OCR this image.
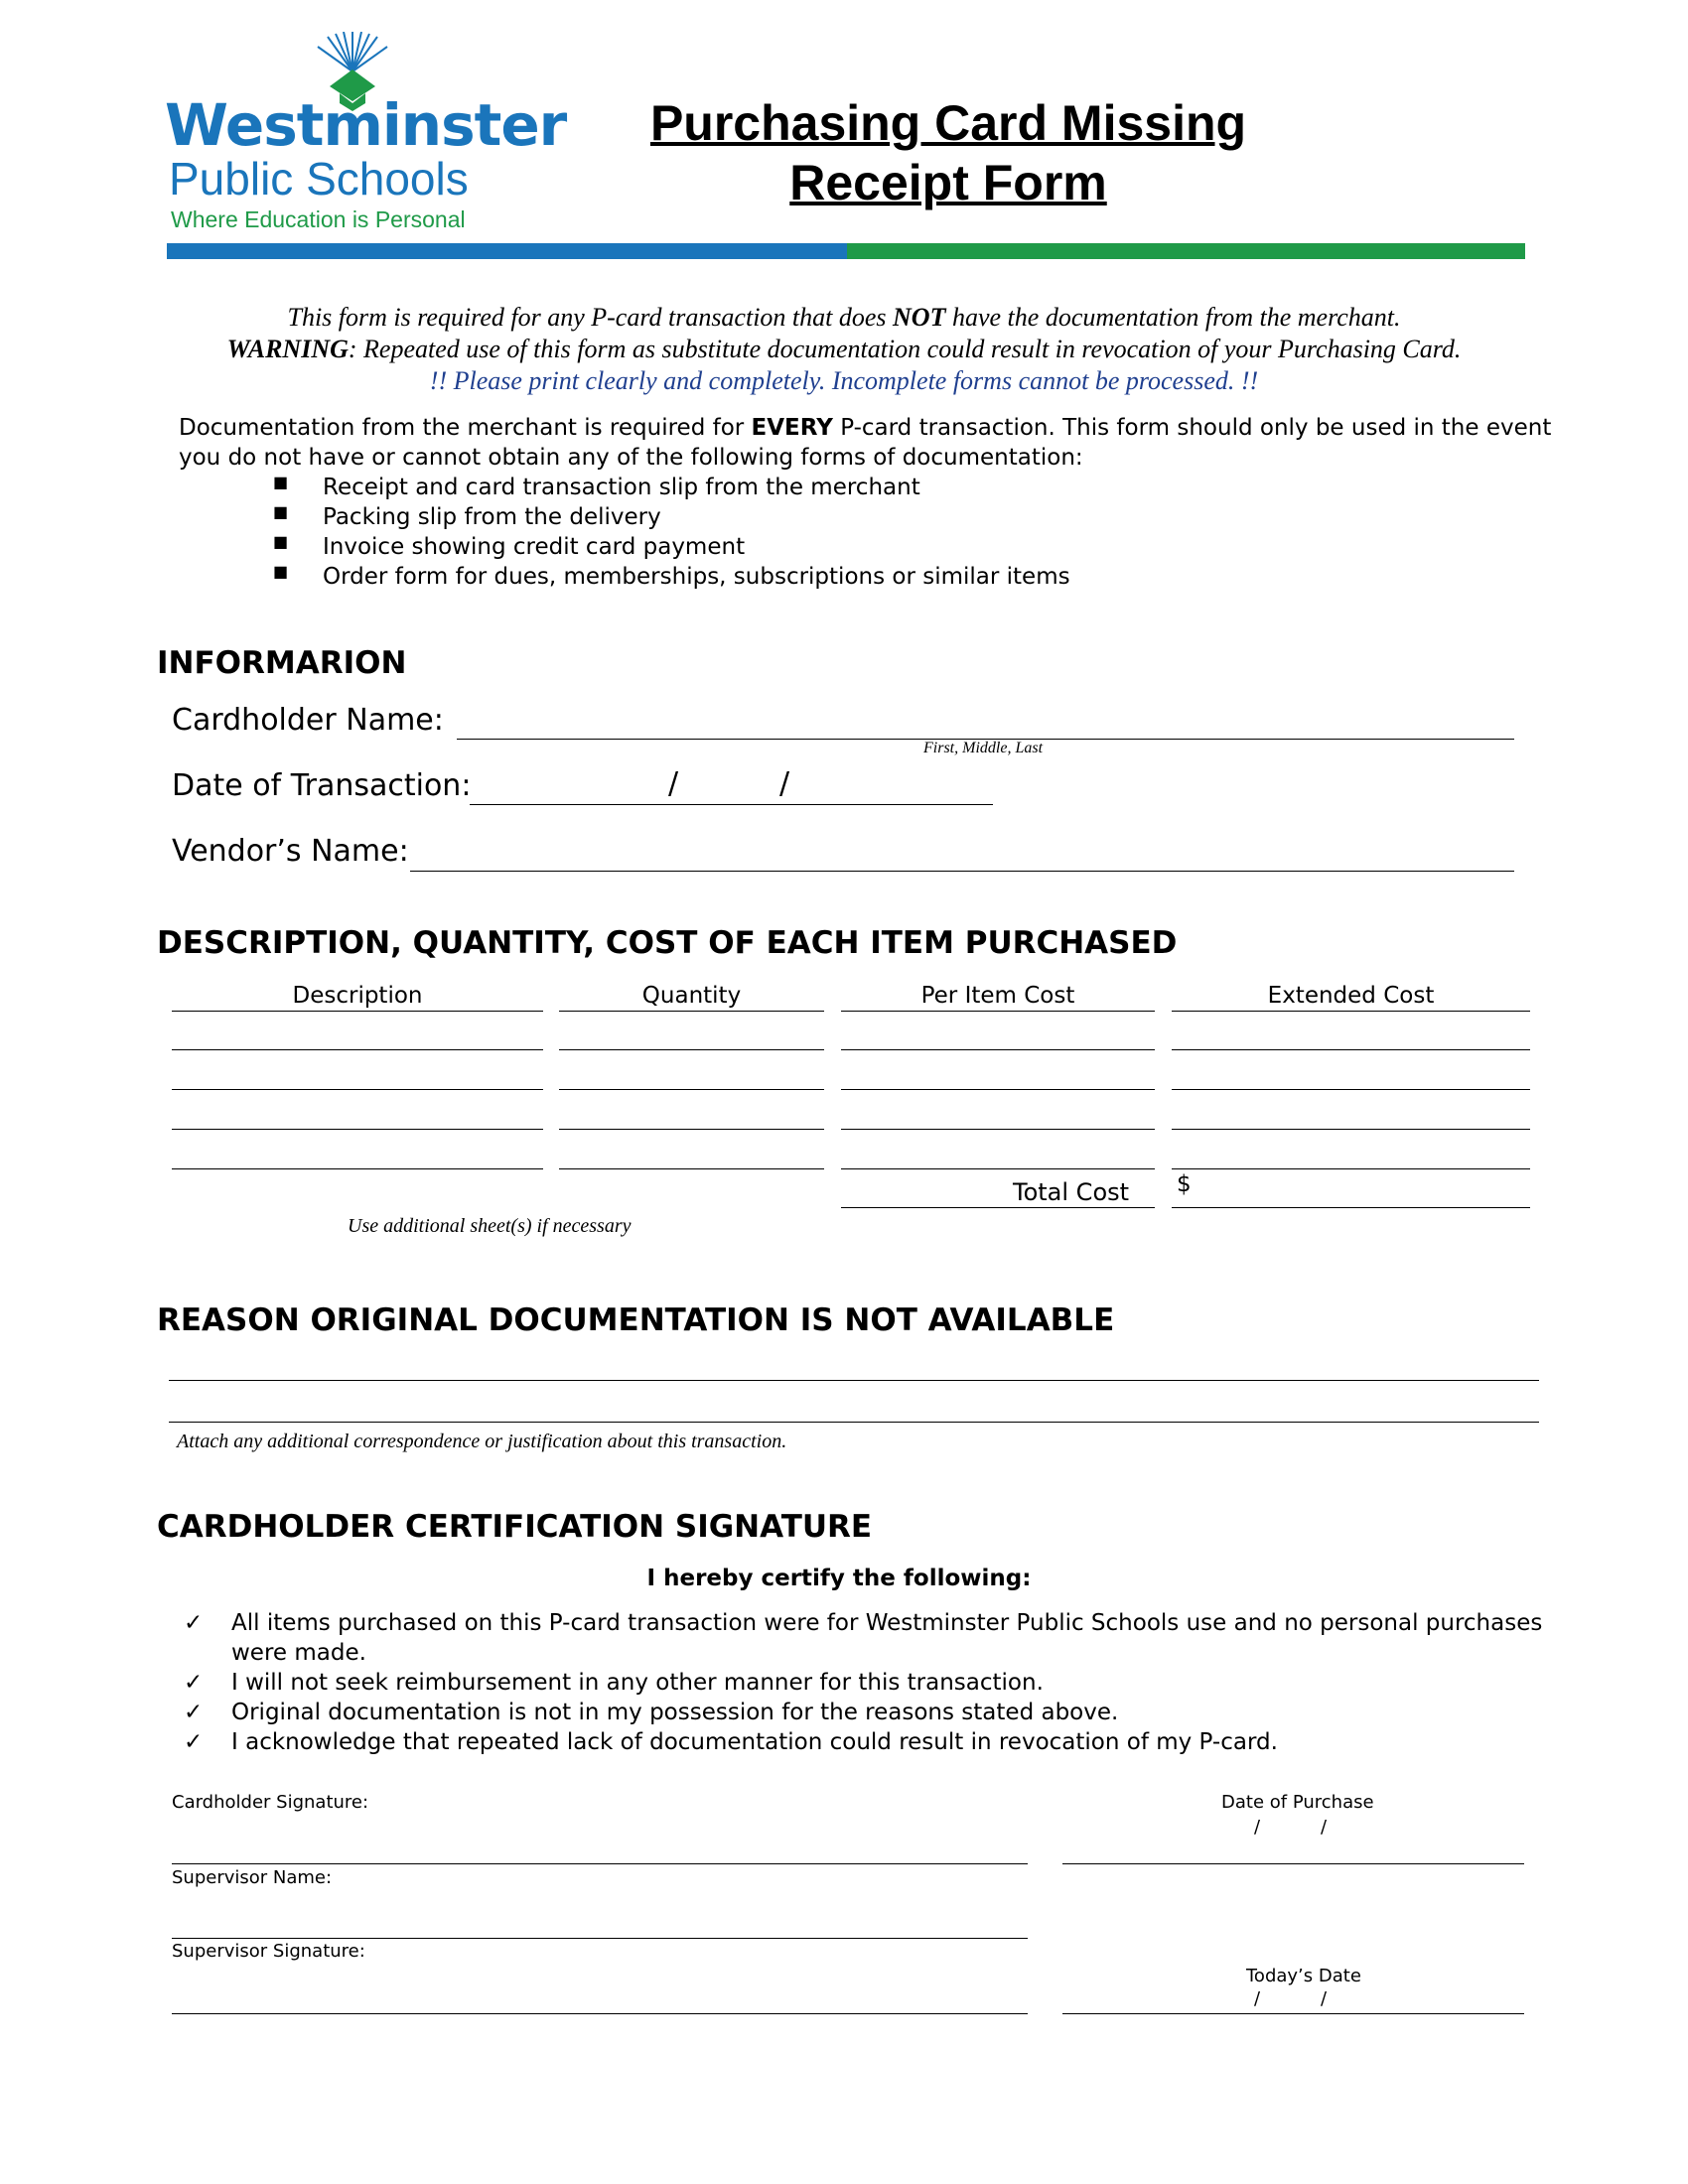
Westminster
Public Schools
Where Education is Personal
Purchasing Card Missing
Receipt Form
This form is required for any P-card transaction that does NOT have the documentation from the merchant.
WARNING: Repeated use of this form as substitute documentation could result in revocation of your Purchasing Card.
!! Please print clearly and completely. Incomplete forms cannot be processed. !!
Documentation from the merchant is required for EVERY P-card transaction. This form should only be used in the event
you do not have or cannot obtain any of the following forms of documentation:
INFORMARION
Cardholder Name:
First, Middle, Last
Date of Transaction:	/	/
Vendor’s Name:
DESCRIPTION, QUANTITY, COST OF EACH ITEM PURCHASED
Total Cost $
Use additional sheet(s) if necessary
REASON ORIGINAL DOCUMENTATION IS NOT AVAILABLE
Attach any additional correspondence or justification about this transaction.
CARDHOLDER CERTIFICATION SIGNATURE
I hereby certify the following:
Cardholder Signature:	Date of Purchase
/	/
Supervisor Name:
Supervisor Signature:
Today’s Date
/	/
■ Receipt and card transaction slip from the merchant
■ Packing slip from the delivery
■ Invoice showing credit card payment
■ Order form for dues, memberships, subscriptions or similar items
Description	Quantity	Per Item Cost	Extended Cost
✓ All items purchased on this P-card transaction were for Westminster Public Schools use and no personal purchases
were made.
✓ I will not seek reimbursement in any other manner for this transaction.
✓ Original documentation is not in my possession for the reasons stated above.
✓ I acknowledge that repeated lack of documentation could result in revocation of my P-card.
